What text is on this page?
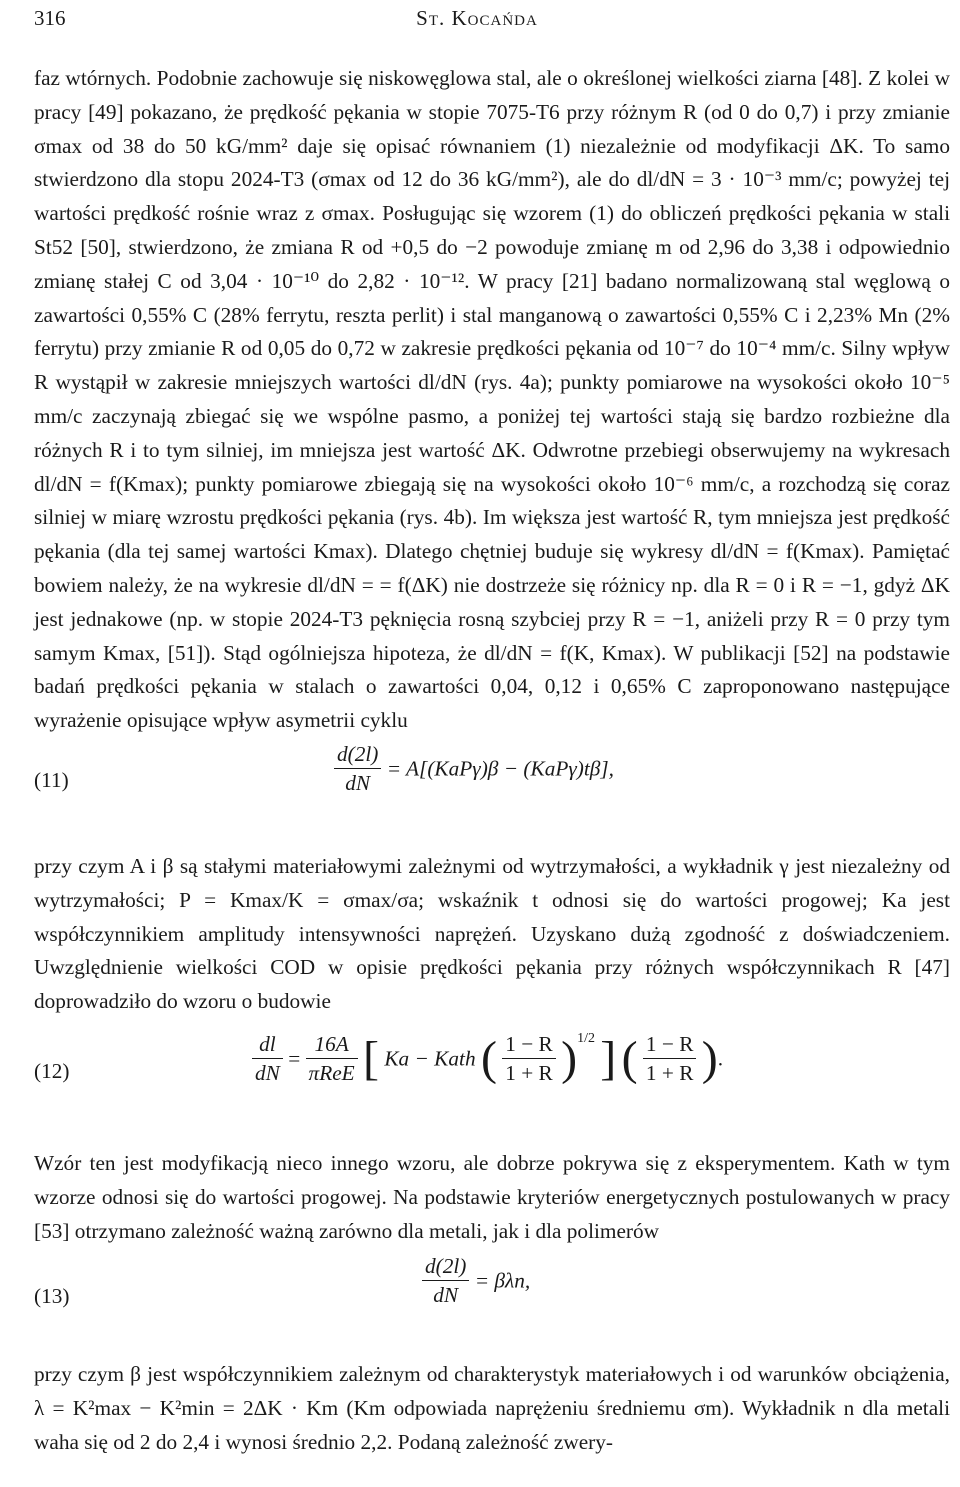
316	St. Kocańda

faz wtórnych. Podobnie zachowuje się niskowęglowa stal, ale o określonej wielkości ziarna [48]. Z kolei w pracy [49] pokazano, że prędkość pękania w stopie 7075-T6 przy różnym R (od 0 do 0,7) i przy zmianie σmax od 38 do 50 kG/mm² daje się opisać równaniem (1) niezależnie od modyfikacji ΔK. To samo stwierdzono dla stopu 2024-T3 (σmax od 12 do 36 kG/mm²), ale do dl/dN = 3 · 10⁻³ mm/c; powyżej tej wartości prędkość rośnie wraz z σmax. Posługując się wzorem (1) do obliczeń prędkości pękania w stali St52 [50], stwierdzono, że zmiana R od +0,5 do −2 powoduje zmianę m od 2,96 do 3,38 i odpowiednio zmianę stałej C od 3,04 · 10⁻¹⁰ do 2,82 · 10⁻¹². W pracy [21] badano normalizowaną stal węglową o zawartości 0,55% C (28% ferrytu, reszta perlit) i stal manganową o zawartości 0,55% C i 2,23% Mn (2% ferrytu) przy zmianie R od 0,05 do 0,72 w zakresie prędkości pękania od 10⁻⁷ do 10⁻⁴ mm/c. Silny wpływ R wystąpił w zakresie mniejszych wartości dl/dN (rys. 4a); punkty pomiarowe na wysokości około 10⁻⁵ mm/c zaczynają zbiegać się we wspólne pasmo, a poniżej tej wartości stają się bardzo rozbieżne dla różnych R i to tym silniej, im mniejsza jest wartość ΔK. Odwrotne przebiegi obserwujemy na wykresach dl/dN = f(Kmax); punkty pomiarowe zbiegają się na wysokości około 10⁻⁶ mm/c, a rozchodzą się coraz silniej w miarę wzrostu prędkości pękania (rys. 4b). Im większa jest wartość R, tym mniejsza jest prędkość pękania (dla tej samej wartości Kmax). Dlatego chętniej buduje się wykresy dl/dN = f(Kmax). Pamiętać bowiem należy, że na wykresie dl/dN = = f(ΔK) nie dostrzeże się różnicy np. dla R = 0 i R = −1, gdyż ΔK jest jednakowe (np. w stopie 2024-T3 pęknięcia rosną szybciej przy R = −1, aniżeli przy R = 0 przy tym samym Kmax, [51]). Stąd ogólniejsza hipoteza, że dl/dN = f(K, Kmax). W publikacji [52] na podstawie badań prędkości pękania w stalach o zawartości 0,04, 0,12 i 0,65% C zaproponowano następujące wyrażenie opisujące wpływ asymetrii cyklu

(11)	$\frac{d(2l)}{dN} = A[(KaP\gamma)\beta - (KaP\gamma)t\beta]$,

przy czym A i β są stałymi materiałowymi zależnymi od wytrzymałości, a wykładnik γ jest niezależny od wytrzymałości; P = Kmax/K = σmax/σa; wskaźnik t odnosi się do wartości progowej; Ka jest współczynnikiem amplitudy intensywności naprężeń. Uzyskano dużą zgodność z doświadczeniem. Uwzględnienie wielkości COD w opisie prędkości pękania przy różnych współczynnikach R [47] doprowadziło do wzoru o budowie

(12)	$\frac{dl}{dN} = \frac{16A}{\text{πReE}}$ [ Ka − Kath ( $\frac{1 - R}{1 + R} )^{1/2}$ ] ( $\frac{1 - R}{1 + R}$ ).

Wzór ten jest modyfikacją nieco innego wzoru, ale dobrze pokrywa się z eksperymentem. Kath w tym wzorze odnosi się do wartości progowej. Na podstawie kryteriów energetycznych postulowanych w pracy [53] otrzymano zależność ważną zarówno dla metali, jak i dla polimerów

(13)	$\frac{d(2l)}{dN} = \beta\lambda n$,

przy czym β jest współczynnikiem zależnym od charakterystyk materiałowych i od warunków obciążenia, λ = K²max − K²min = 2ΔK · Km (Km odpowiada naprężeniu średniemu σm). Wykładnik n dla metali waha się od 2 do 2,4 i wynosi średnio 2,2. Podaną zależność zwery-
